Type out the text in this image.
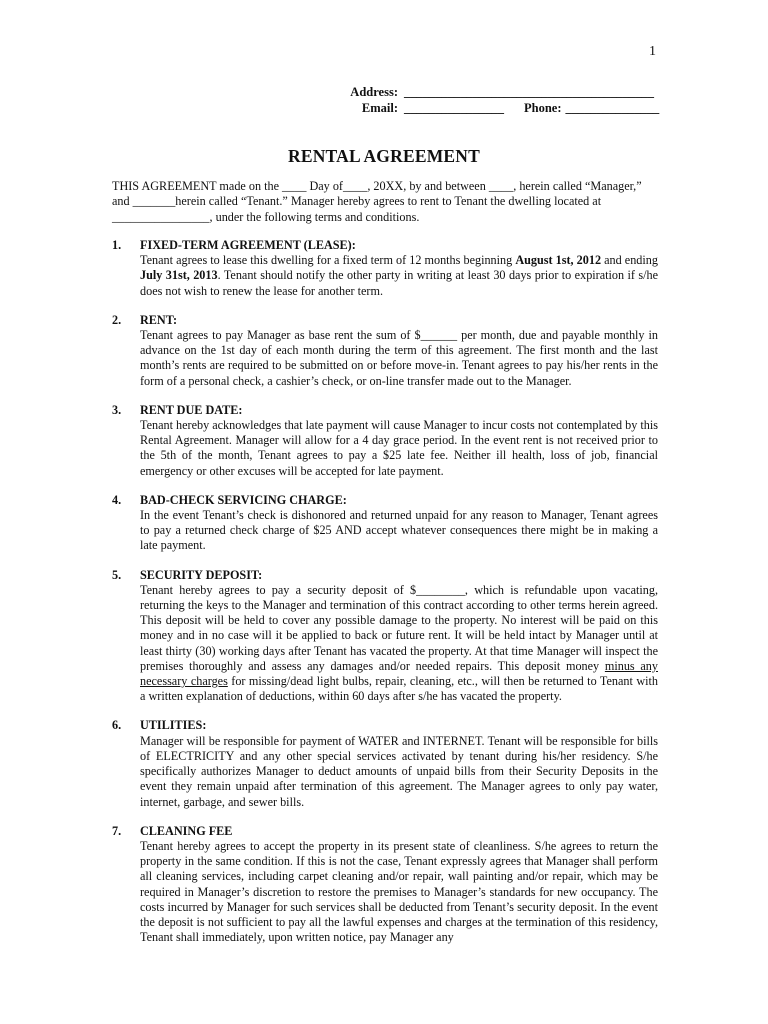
1
Address: ________________________________________
Email: ________________ Phone: _______________
RENTAL AGREEMENT
THIS AGREEMENT made on the ____ Day of____, 20XX, by and between ____, herein called “Manager,” and _______herein called “Tenant.” Manager hereby agrees to rent to Tenant the dwelling located at ________________, under the following terms and conditions.
1.	FIXED-TERM AGREEMENT (LEASE):
Tenant agrees to lease this dwelling for a fixed term of 12 months beginning August 1st, 2012 and ending July 31st, 2013. Tenant should notify the other party in writing at least 30 days prior to expiration if s/he does not wish to renew the lease for another term.
2.	RENT:
Tenant agrees to pay Manager as base rent the sum of $______ per month, due and payable monthly in advance on the 1st day of each month during the term of this agreement. The first month and the last month’s rents are required to be submitted on or before move-in. Tenant agrees to pay his/her rents in the form of a personal check, a cashier’s check, or on-line transfer made out to the Manager.
3.	RENT DUE DATE:
Tenant hereby acknowledges that late payment will cause Manager to incur costs not contemplated by this Rental Agreement. Manager will allow for a 4 day grace period. In the event rent is not received prior to the 5th of the month, Tenant agrees to pay a $25 late fee. Neither ill health, loss of job, financial emergency or other excuses will be accepted for late payment.
4.	BAD-CHECK SERVICING CHARGE:
In the event Tenant’s check is dishonored and returned unpaid for any reason to Manager, Tenant agrees to pay a returned check charge of $25 AND accept whatever consequences there might be in making a late payment.
5.	SECURITY DEPOSIT:
Tenant hereby agrees to pay a security deposit of $________, which is refundable upon vacating, returning the keys to the Manager and termination of this contract according to other terms herein agreed. This deposit will be held to cover any possible damage to the property. No interest will be paid on this money and in no case will it be applied to back or future rent. It will be held intact by Manager until at least thirty (30) working days after Tenant has vacated the property. At that time Manager will inspect the premises thoroughly and assess any damages and/or needed repairs. This deposit money minus any necessary charges for missing/dead light bulbs, repair, cleaning, etc., will then be returned to Tenant with a written explanation of deductions, within 60 days after s/he has vacated the property.
6.	UTILITIES:
Manager will be responsible for payment of WATER and INTERNET. Tenant will be responsible for bills of ELECTRICITY and any other special services activated by tenant during his/her residency. S/he specifically authorizes Manager to deduct amounts of unpaid bills from their Security Deposits in the event they remain unpaid after termination of this agreement. The Manager agrees to only pay water, internet, garbage, and sewer bills.
7.	CLEANING FEE
Tenant hereby agrees to accept the property in its present state of cleanliness. S/he agrees to return the property in the same condition. If this is not the case, Tenant expressly agrees that Manager shall perform all cleaning services, including carpet cleaning and/or repair, wall painting and/or repair, which may be required in Manager’s discretion to restore the premises to Manager’s standards for new occupancy. The costs incurred by Manager for such services shall be deducted from Tenant’s security deposit. In the event the deposit is not sufficient to pay all the lawful expenses and charges at the termination of this residency, Tenant shall immediately, upon written notice, pay Manager any
